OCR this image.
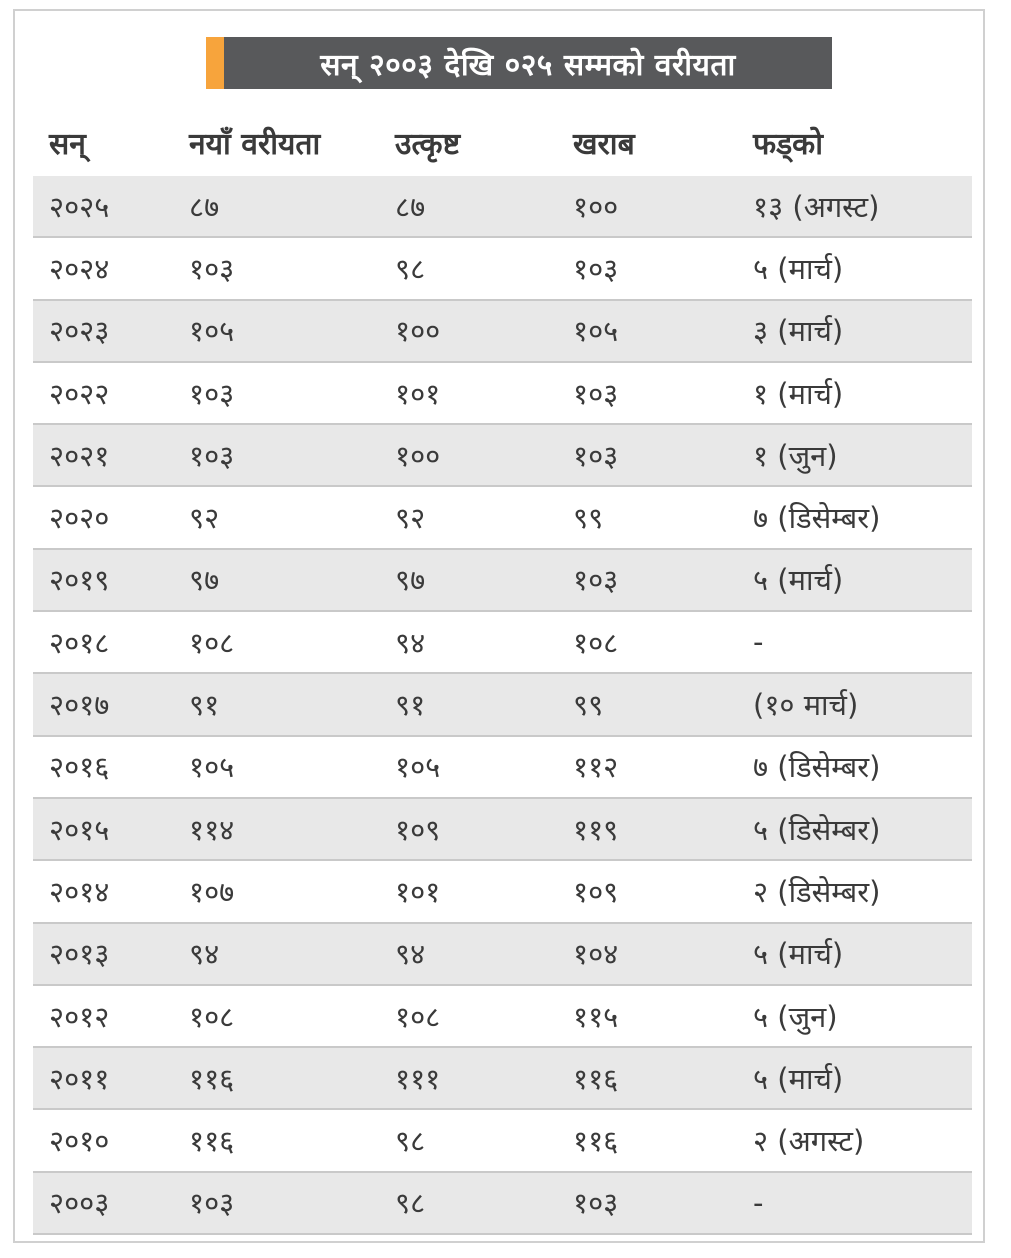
सन् २००३ देखि ०२५ सम्मको वरीयता
सन्	नयाँ वरीयता	उत्कृष्ट	खराब	फड्को
२०२५	८७	८७	१००	१३ (अगस्ट)
२०२४	१०३	९८	१०३	५ (मार्च)
२०२३	१०५	१००	१०५	३ (मार्च)
२०२२	१०३	१०१	१०३	१ (मार्च)
२०२१	१०३	१००	१०३	१ (जुन)
२०२०	९२	९२	९९	७ (डिसेम्बर)
२०१९	९७	९७	१०३	५ (मार्च)
२०१८	१०८	९४	१०८	-
२०१७	९१	९१	९९	(१० मार्च)
२०१६	१०५	१०५	११२	७ (डिसेम्बर)
२०१५	११४	१०९	११९	५ (डिसेम्बर)
२०१४	१०७	१०१	१०९	२ (डिसेम्बर)
२०१३	९४	९४	१०४	५ (मार्च)
२०१२	१०८	१०८	११५	५ (जुन)
२०११	११६	१११	११६	५ (मार्च)
२०१०	११६	९८	११६	२ (अगस्ट)
२००३	१०३	९८	१०३	-
